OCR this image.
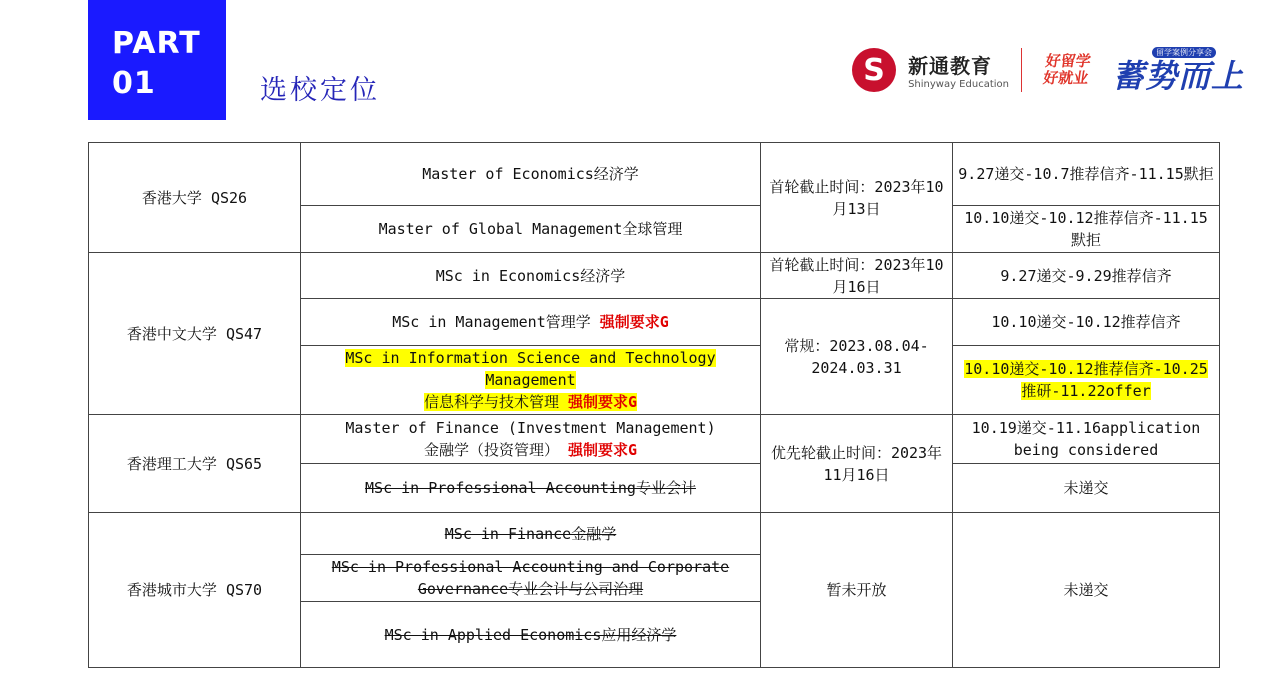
PART
01	选校定位
S	新通教育
Shinyway Education
好留学
好就业
留学案例分享会
蓄势而上
香港大学 QS26	Master of Economics经济学	首轮截止时间：2023年10月13日	9.27递交-10.7推荐信齐-11.15默拒
	Master of Global Management全球管理		10.10递交-10.12推荐信齐-11.15默拒
香港中文大学 QS47	MSc in Economics经济学	首轮截止时间：2023年10月16日	9.27递交-9.29推荐信齐
	MSc in Management管理学 强制要求G	常规：2023.08.04-2024.03.31	10.10递交-10.12推荐信齐
	MSc in Information Science and Technology
Management
信息科学与技术管理 强制要求G		10.10递交-10.12推荐信齐-10.25推研-11.22offer
香港理工大学 QS65	Master of Finance (Investment Management)
金融学（投资管理） 强制要求G	优先轮截止时间：2023年11月16日	10.19递交-11.16application being considered
	MSc in Professional Accounting专业会计		未递交
香港城市大学 QS70	MSc in Finance金融学	暂未开放	未递交
	MSc in Professional Accounting and Corporate
Governance专业会计与公司治理		
	MSc in Applied Economics应用经济学		
